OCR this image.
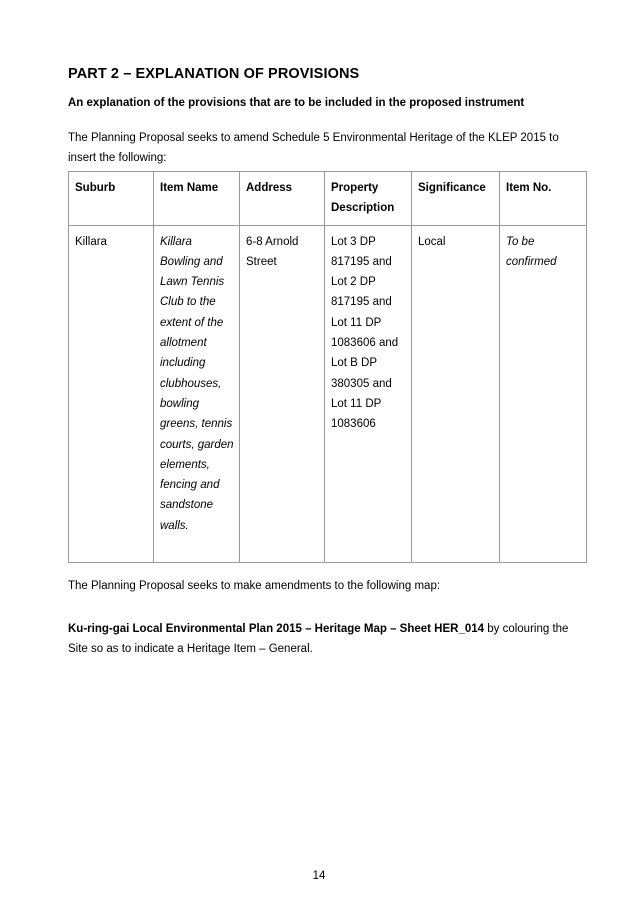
PART 2 – EXPLANATION OF PROVISIONS
An explanation of the provisions that are to be included in the proposed instrument

The Planning Proposal seeks to amend Schedule 5 Environmental Heritage of the KLEP 2015 to insert the following:

Suburb	Item Name	Address	Property Description	Significance	Item No.
Killara	Killara Bowling and Lawn Tennis Club to the extent of the allotment including clubhouses, bowling greens, tennis courts, garden elements, fencing and sandstone walls.	6-8 Arnold Street	Lot 3 DP 817195 and Lot 2 DP 817195 and Lot 11 DP 1083606 and Lot B DP 380305 and Lot 11 DP 1083606	Local	To be confirmed

The Planning Proposal seeks to make amendments to the following map:

Ku-ring-gai Local Environmental Plan 2015 – Heritage Map – Sheet HER_014 by colouring the Site so as to indicate a Heritage Item – General.

14
